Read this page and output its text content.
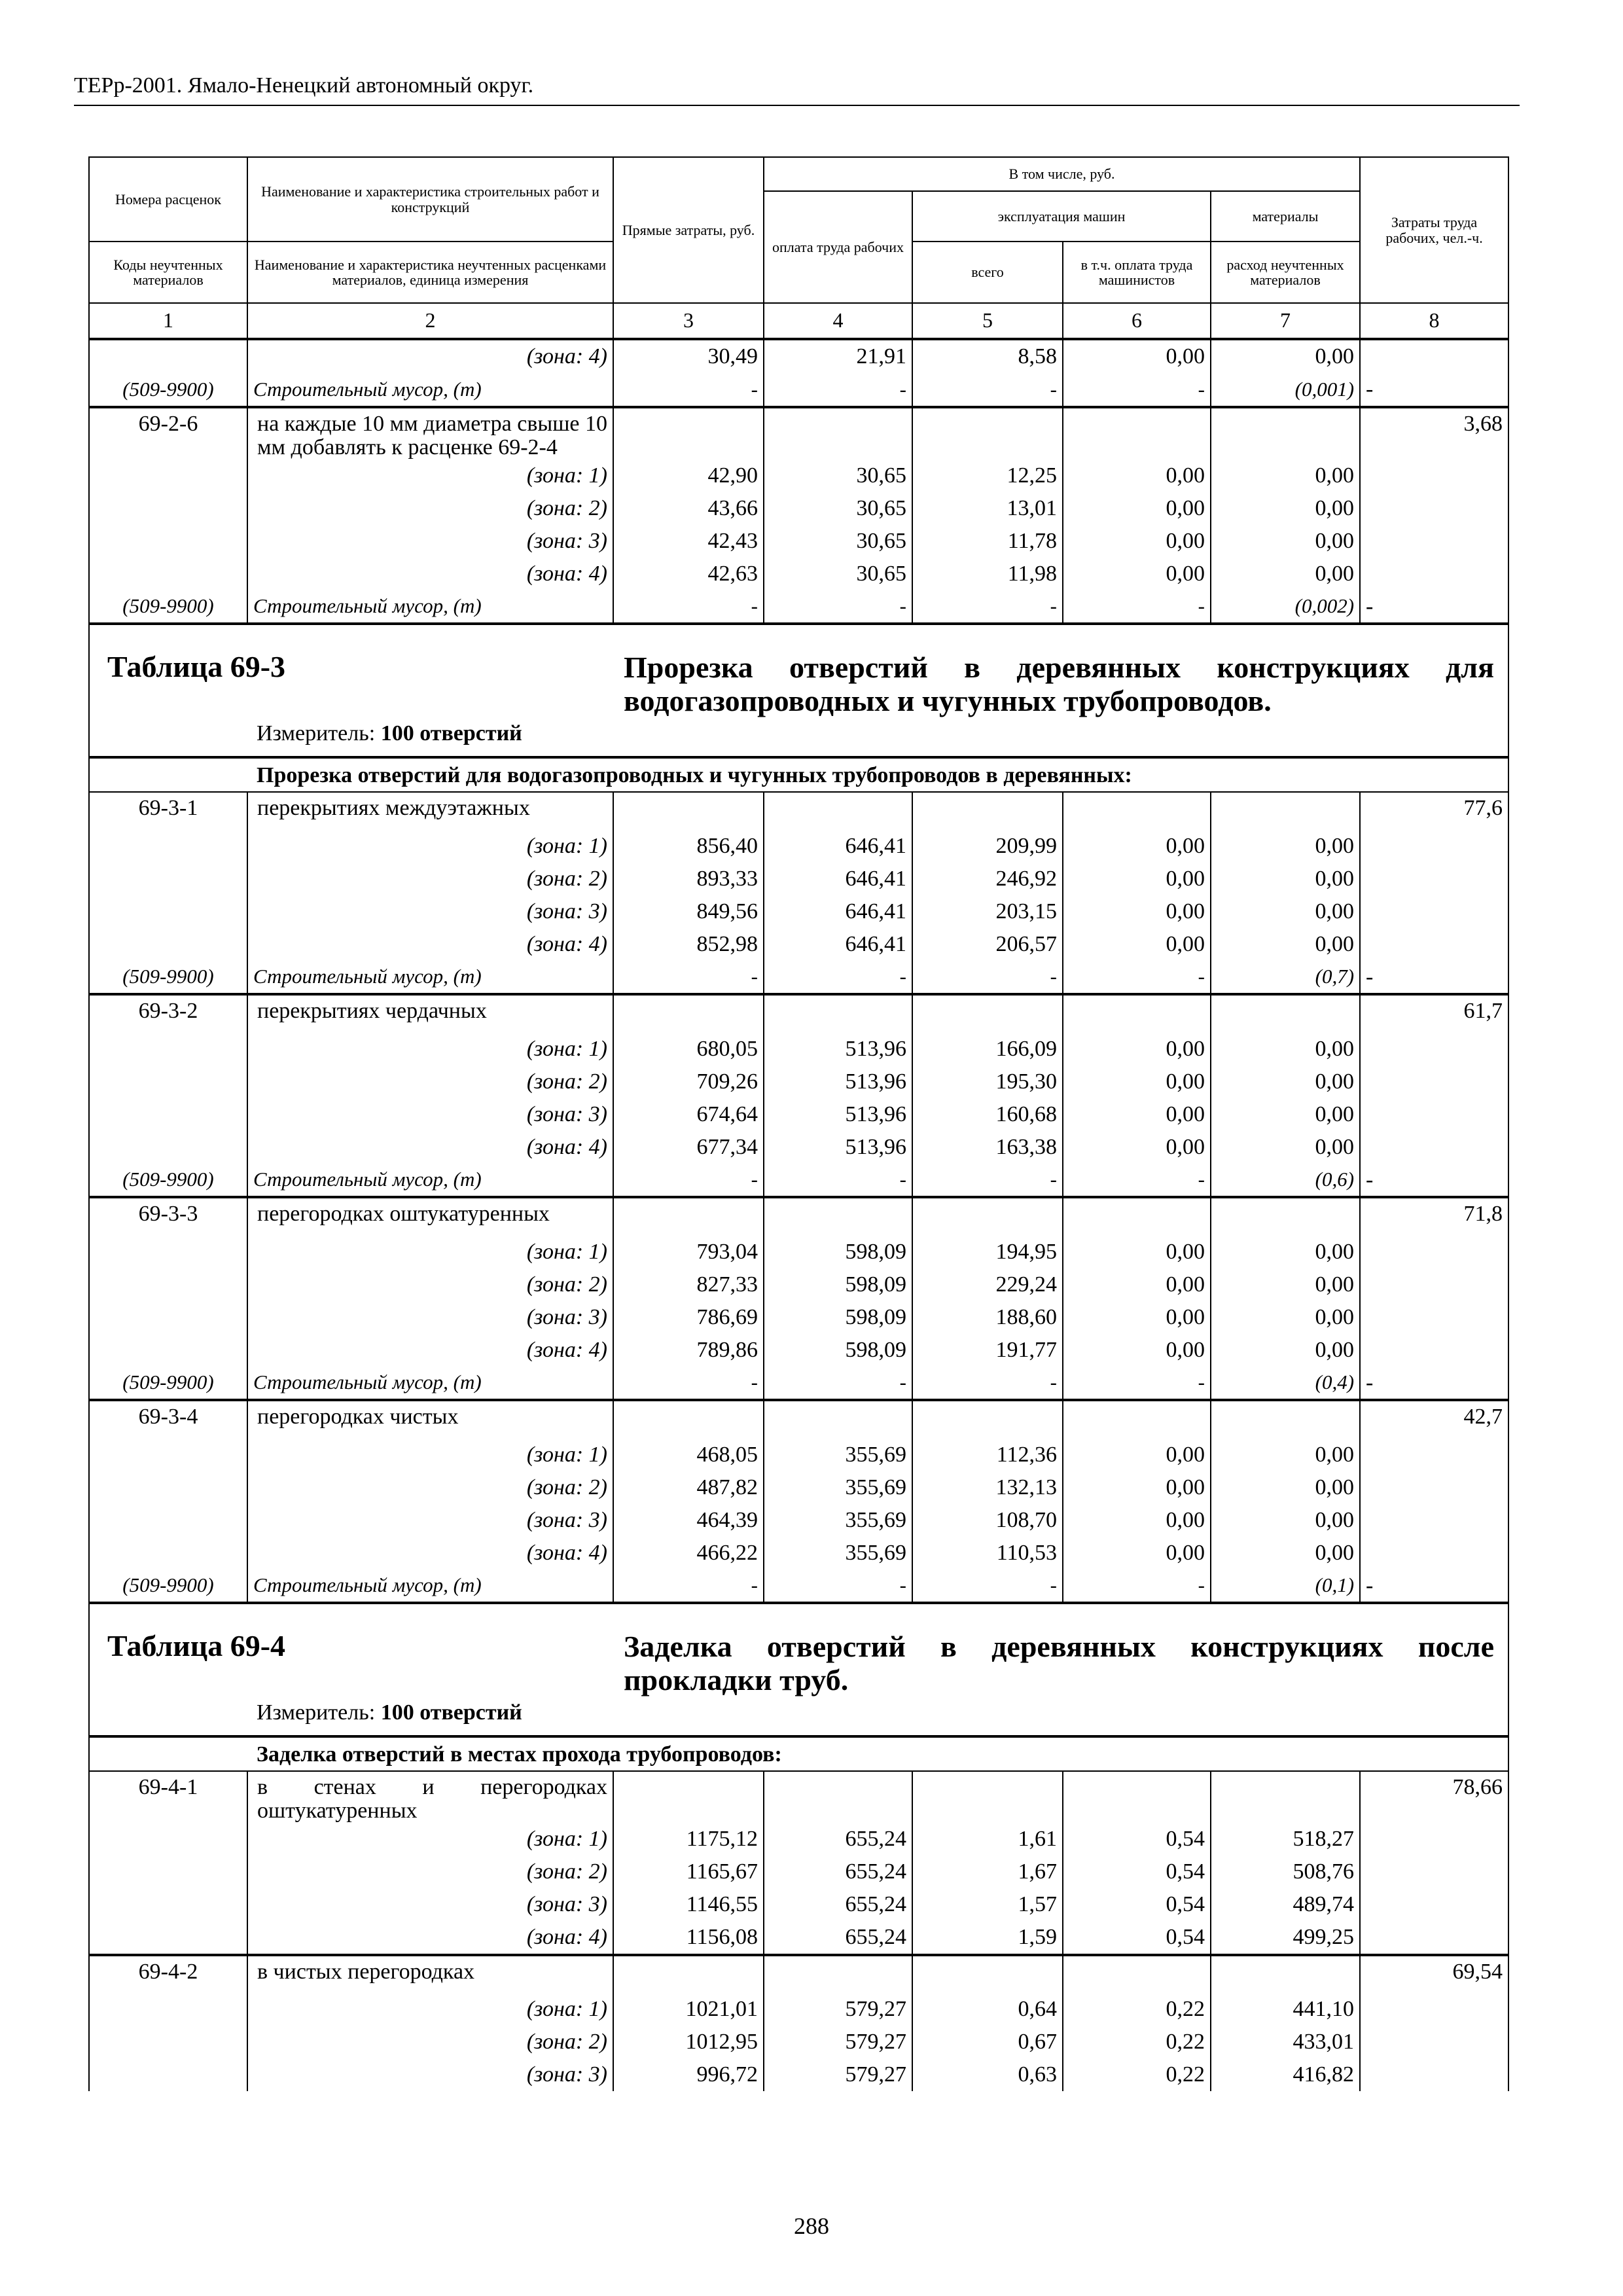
ТЕРр-2001. Ямало-Ненецкий автономный округ.
Номера расценок	Наименование и характеристика строительных работ и конструкций	Прямые затраты, руб.	В том числе, руб.				Затраты труда рабочих, чел.-ч.
			оплата труда рабочих	эксплуатация машин		материалы	
Коды неучтенных материалов	Наименование и характеристика неучтенных расценками материалов, единица измерения			всего	в т.ч. оплата труда машинистов	расход неучтенных материалов	
1	2	3	4	5	6	7	8
	(зона: 4)	30,49	21,91	8,58	0,00	0,00	
(509-9900)	Строительный мусор, (т)	-	-	-	-	(0,001)	-
69-2-6	на каждые 10 мм диаметра свыше 10 мм добавлять к расценке 69-2-4						3,68
	(зона: 1)	42,90	30,65	12,25	0,00	0,00	
	(зона: 2)	43,66	30,65	13,01	0,00	0,00	
	(зона: 3)	42,43	30,65	11,78	0,00	0,00	
	(зона: 4)	42,63	30,65	11,98	0,00	0,00	
(509-9900)	Строительный мусор, (т)	-	-	-	-	(0,002)	-

Таблица 69-3 Прорезка отверстий в деревянных конструкциях для водогазопроводных и чугунных трубопроводов.
Измеритель: 100 отверстий							

Прорезка отверстий для водогазопроводных и чугунных трубопроводов в деревянных:							
69-3-1	перекрытиях междуэтажных						77,6
	(зона: 1)	856,40	646,41	209,99	0,00	0,00	
	(зона: 2)	893,33	646,41	246,92	0,00	0,00	
	(зона: 3)	849,56	646,41	203,15	0,00	0,00	
	(зона: 4)	852,98	646,41	206,57	0,00	0,00	
(509-9900)	Строительный мусор, (т)	-	-	-	-	(0,7)	-
69-3-2	перекрытиях чердачных						61,7
	(зона: 1)	680,05	513,96	166,09	0,00	0,00	
	(зона: 2)	709,26	513,96	195,30	0,00	0,00	
	(зона: 3)	674,64	513,96	160,68	0,00	0,00	
	(зона: 4)	677,34	513,96	163,38	0,00	0,00	
(509-9900)	Строительный мусор, (т)	-	-	-	-	(0,6)	-
69-3-3	перегородках оштукатуренных						71,8
	(зона: 1)	793,04	598,09	194,95	0,00	0,00	
	(зона: 2)	827,33	598,09	229,24	0,00	0,00	
	(зона: 3)	786,69	598,09	188,60	0,00	0,00	
	(зона: 4)	789,86	598,09	191,77	0,00	0,00	
(509-9900)	Строительный мусор, (т)	-	-	-	-	(0,4)	-
69-3-4	перегородках чистых						42,7
	(зона: 1)	468,05	355,69	112,36	0,00	0,00	
	(зона: 2)	487,82	355,69	132,13	0,00	0,00	
	(зона: 3)	464,39	355,69	108,70	0,00	0,00	
	(зона: 4)	466,22	355,69	110,53	0,00	0,00	
(509-9900)	Строительный мусор, (т)	-	-	-	-	(0,1)	-

Таблица 69-4 Заделка отверстий в деревянных конструкциях после прокладки труб.
Измеритель: 100 отверстий							

Заделка отверстий в местах прохода трубопроводов:							
69-4-1	в стенах и перегородках оштукатуренных						78,66
	(зона: 1)	1175,12	655,24	1,61	0,54	518,27	
	(зона: 2)	1165,67	655,24	1,67	0,54	508,76	
	(зона: 3)	1146,55	655,24	1,57	0,54	489,74	
	(зона: 4)	1156,08	655,24	1,59	0,54	499,25	
69-4-2	в чистых перегородках						69,54
	(зона: 1)	1021,01	579,27	0,64	0,22	441,10	
	(зона: 2)	1012,95	579,27	0,67	0,22	433,01	
	(зона: 3)	996,72	579,27	0,63	0,22	416,82	
288
